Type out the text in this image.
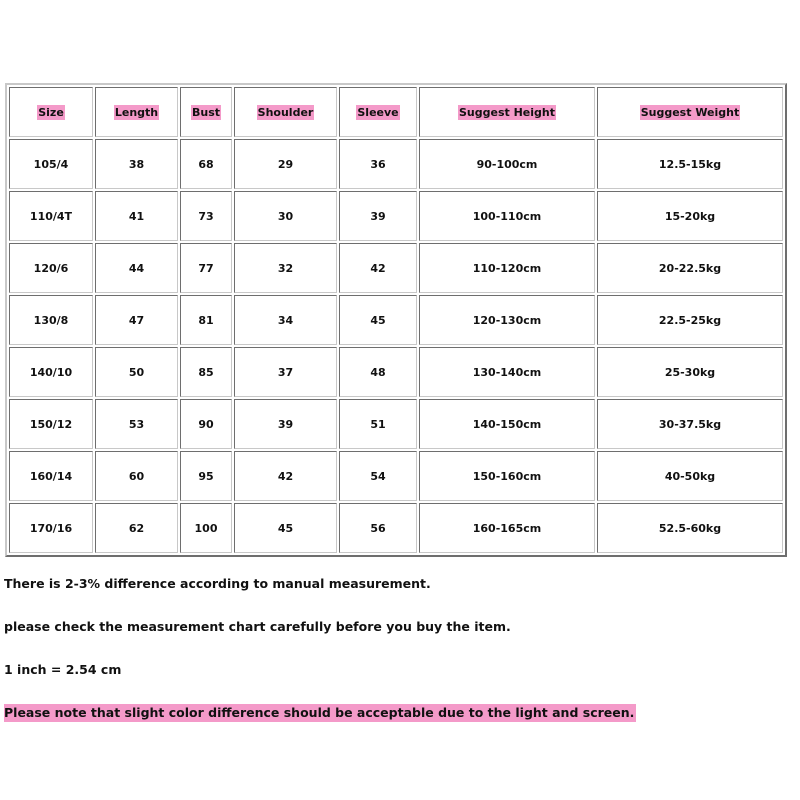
Size	Length	Bust	Shoulder	Sleeve	Suggest Height	Suggest Weight
105/4	38	68	29	36	90-100cm	12.5-15kg
110/4T	41	73	30	39	100-110cm	15-20kg
120/6	44	77	32	42	110-120cm	20-22.5kg
130/8	47	81	34	45	120-130cm	22.5-25kg
140/10	50	85	37	48	130-140cm	25-30kg
150/12	53	90	39	51	140-150cm	30-37.5kg
160/14	60	95	42	54	150-160cm	40-50kg
170/16	62	100	45	56	160-165cm	52.5-60kg
There is 2-3% difference according to manual measurement.
please check the measurement chart carefully before you buy the item.
1 inch = 2.54 cm
Please note that slight color difference should be acceptable due to the light and screen.
